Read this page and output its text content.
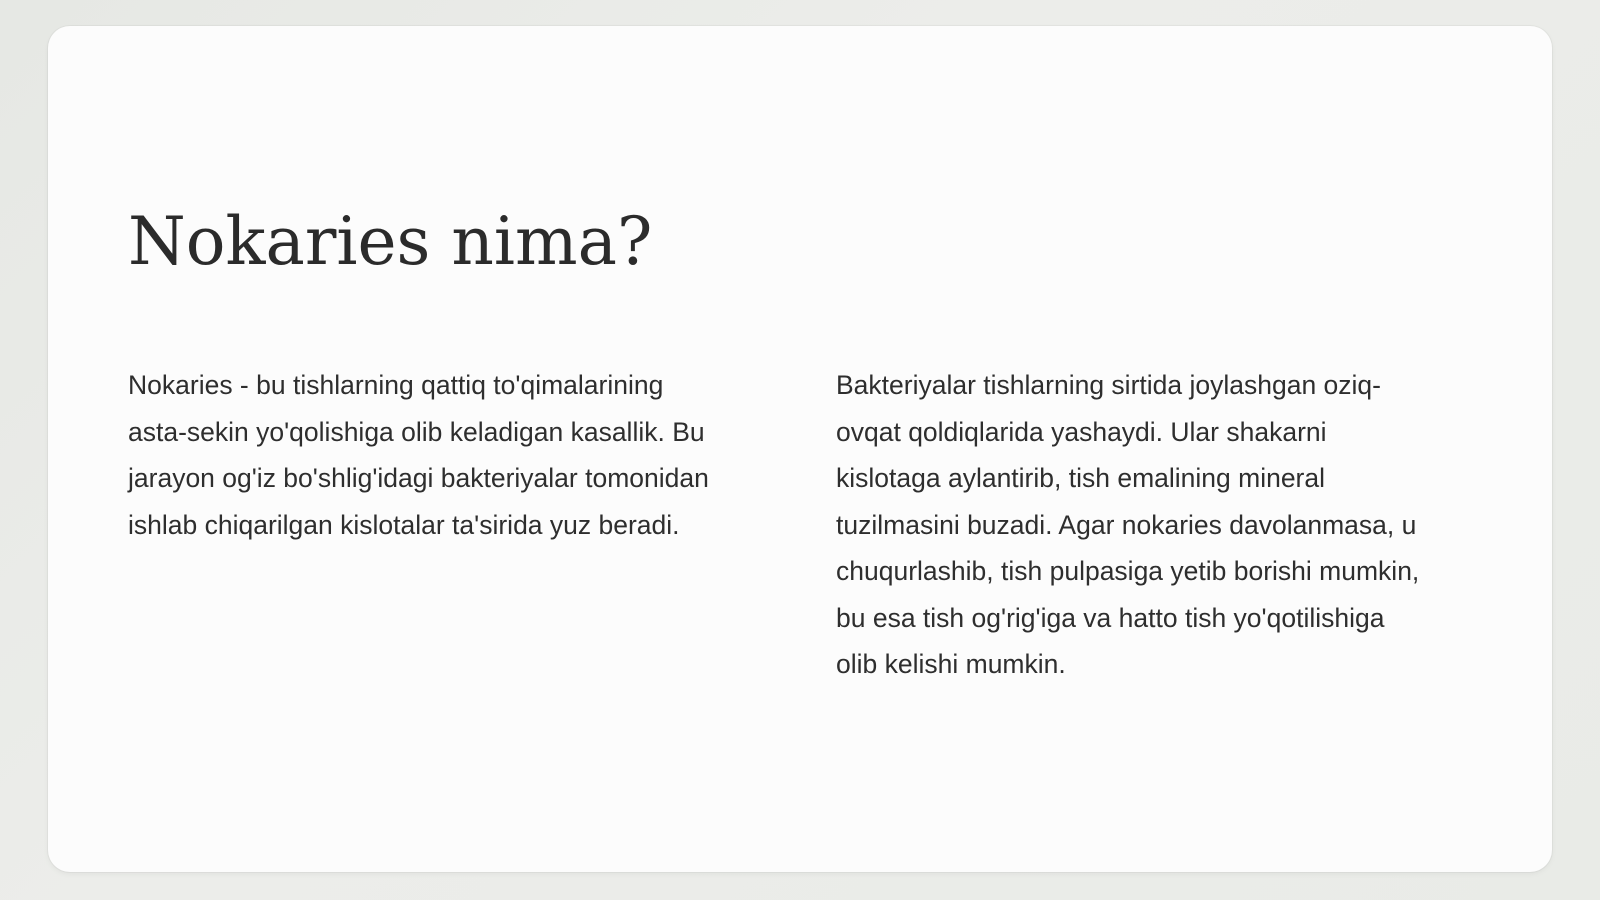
Nokaries nima?
Nokaries - bu tishlarning qattiq to'qimalarining
asta-sekin yo'qolishiga olib keladigan kasallik. Bu
jarayon og'iz bo'shlig'idagi bakteriyalar tomonidan
ishlab chiqarilgan kislotalar ta'sirida yuz beradi.
Bakteriyalar tishlarning sirtida joylashgan oziq-
ovqat qoldiqlarida yashaydi. Ular shakarni
kislotaga aylantirib, tish emalining mineral
tuzilmasini buzadi. Agar nokaries davolanmasa, u
chuqurlashib, tish pulpasiga yetib borishi mumkin,
bu esa tish og'rig'iga va hatto tish yo'qotilishiga
olib kelishi mumkin.
